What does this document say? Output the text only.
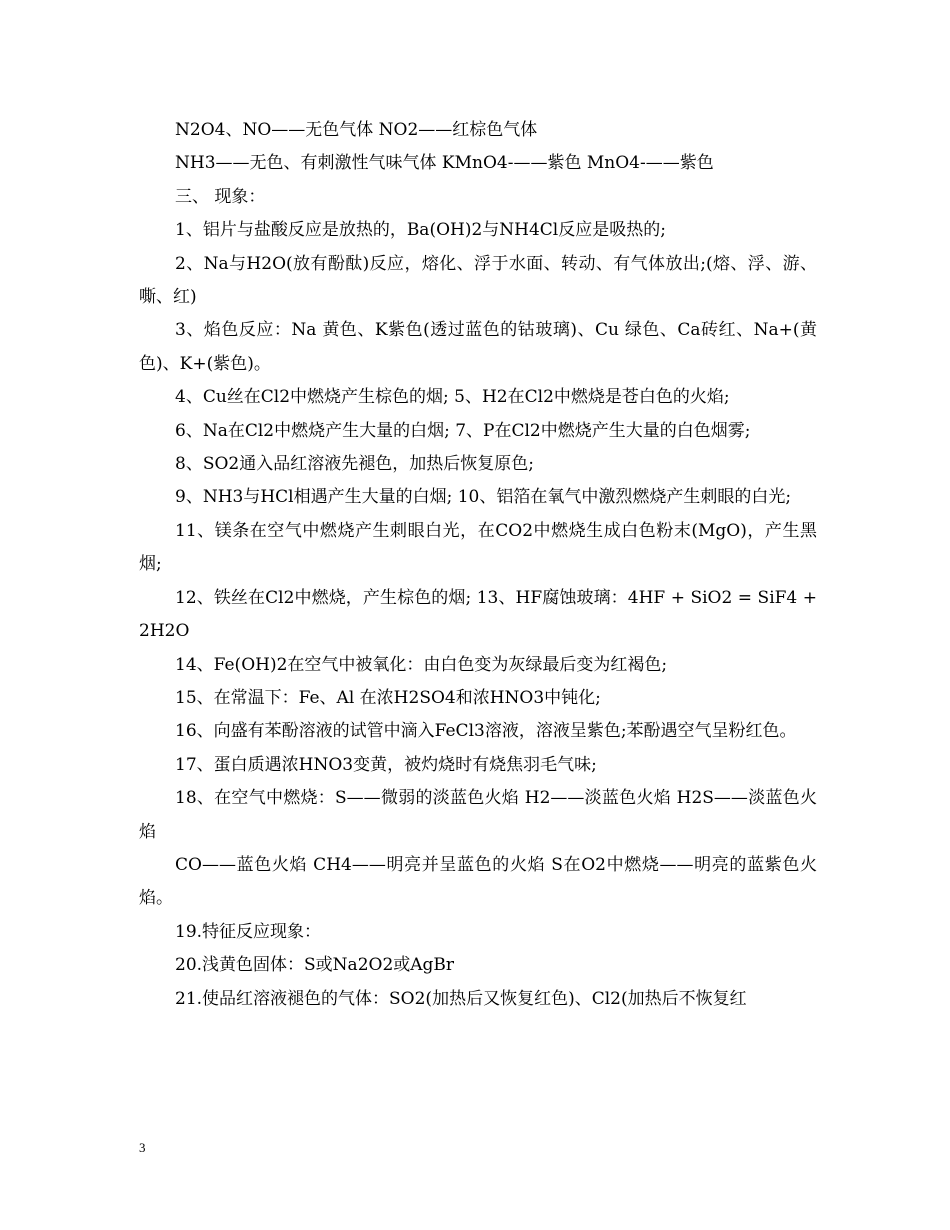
N2O4、NO——无色气体 NO2——红棕色气体

NH3——无色、有刺激性气味气体 KMnO4-——紫色 MnO4-——紫色

三、 现象：

1、铝片与盐酸反应是放热的，Ba(OH)2与NH4Cl反应是吸热的;

2、Na与H2O(放有酚酞)反应，熔化、浮于水面、转动、有气体放出;(熔、浮、游、嘶、红)

3、焰色反应：Na 黄色、K紫色(透过蓝色的钴玻璃)、Cu 绿色、Ca砖红、Na+(黄色)、K+(紫色)。

4、Cu丝在Cl2中燃烧产生棕色的烟; 5、H2在Cl2中燃烧是苍白色的火焰;

6、Na在Cl2中燃烧产生大量的白烟; 7、P在Cl2中燃烧产生大量的白色烟雾;

8、SO2通入品红溶液先褪色，加热后恢复原色;

9、NH3与HCl相遇产生大量的白烟; 10、铝箔在氧气中激烈燃烧产生刺眼的白光;

11、镁条在空气中燃烧产生刺眼白光，在CO2中燃烧生成白色粉末(MgO)，产生黑烟;

12、铁丝在Cl2中燃烧，产生棕色的烟; 13、HF腐蚀玻璃：4HF + SiO2 = SiF4 + 2H2O

14、Fe(OH)2在空气中被氧化：由白色变为灰绿最后变为红褐色;

15、在常温下：Fe、Al 在浓H2SO4和浓HNO3中钝化;

16、向盛有苯酚溶液的试管中滴入FeCl3溶液，溶液呈紫色;苯酚遇空气呈粉红色。

17、蛋白质遇浓HNO3变黄，被灼烧时有烧焦羽毛气味;

18、在空气中燃烧：S——微弱的淡蓝色火焰 H2——淡蓝色火焰 H2S——淡蓝色火焰

CO——蓝色火焰 CH4——明亮并呈蓝色的火焰 S在O2中燃烧——明亮的蓝紫色火焰。

19.特征反应现象：

20.浅黄色固体：S或Na2O2或AgBr

21.使品红溶液褪色的气体：SO2(加热后又恢复红色)、Cl2(加热后不恢复红

3
